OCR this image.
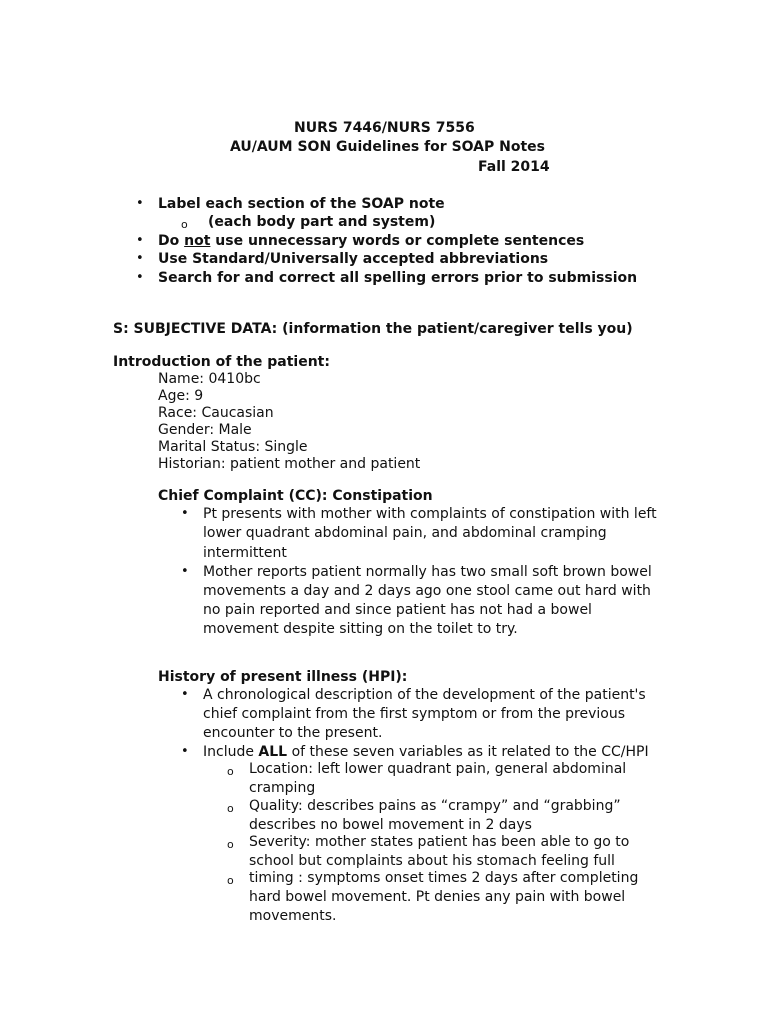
NURS 7446/NURS 7556
AU/AUM SON Guidelines for SOAP Notes
Fall 2014
• Label each section of the SOAP note
o (each body part and system)
• Do not use unnecessary words or complete sentences
• Use Standard/Universally accepted abbreviations
• Search for and correct all spelling errors prior to submission
S: SUBJECTIVE DATA: (information the patient/caregiver tells you)
Introduction of the patient:
Name: 0410bc
Age: 9
Race: Caucasian
Gender: Male
Marital Status: Single
Historian: patient mother and patient
Chief Complaint (CC): Constipation
• Pt presents with mother with complaints of constipation with left
lower quadrant abdominal pain, and abdominal cramping
intermittent
• Mother reports patient normally has two small soft brown bowel
movements a day and 2 days ago one stool came out hard with
no pain reported and since patient has not had a bowel
movement despite sitting on the toilet to try.
History of present illness (HPI):
• A chronological description of the development of the patient's
chief complaint from the first symptom or from the previous
encounter to the present.
• Include ALL of these seven variables as it related to the CC/HPI
o Location: left lower quadrant pain, general abdominal
cramping
o Quality: describes pains as “crampy” and “grabbing”
describes no bowel movement in 2 days
o Severity: mother states patient has been able to go to
school but complaints about his stomach feeling full
o timing : symptoms onset times 2 days after completing
hard bowel movement. Pt denies any pain with bowel
movements.
